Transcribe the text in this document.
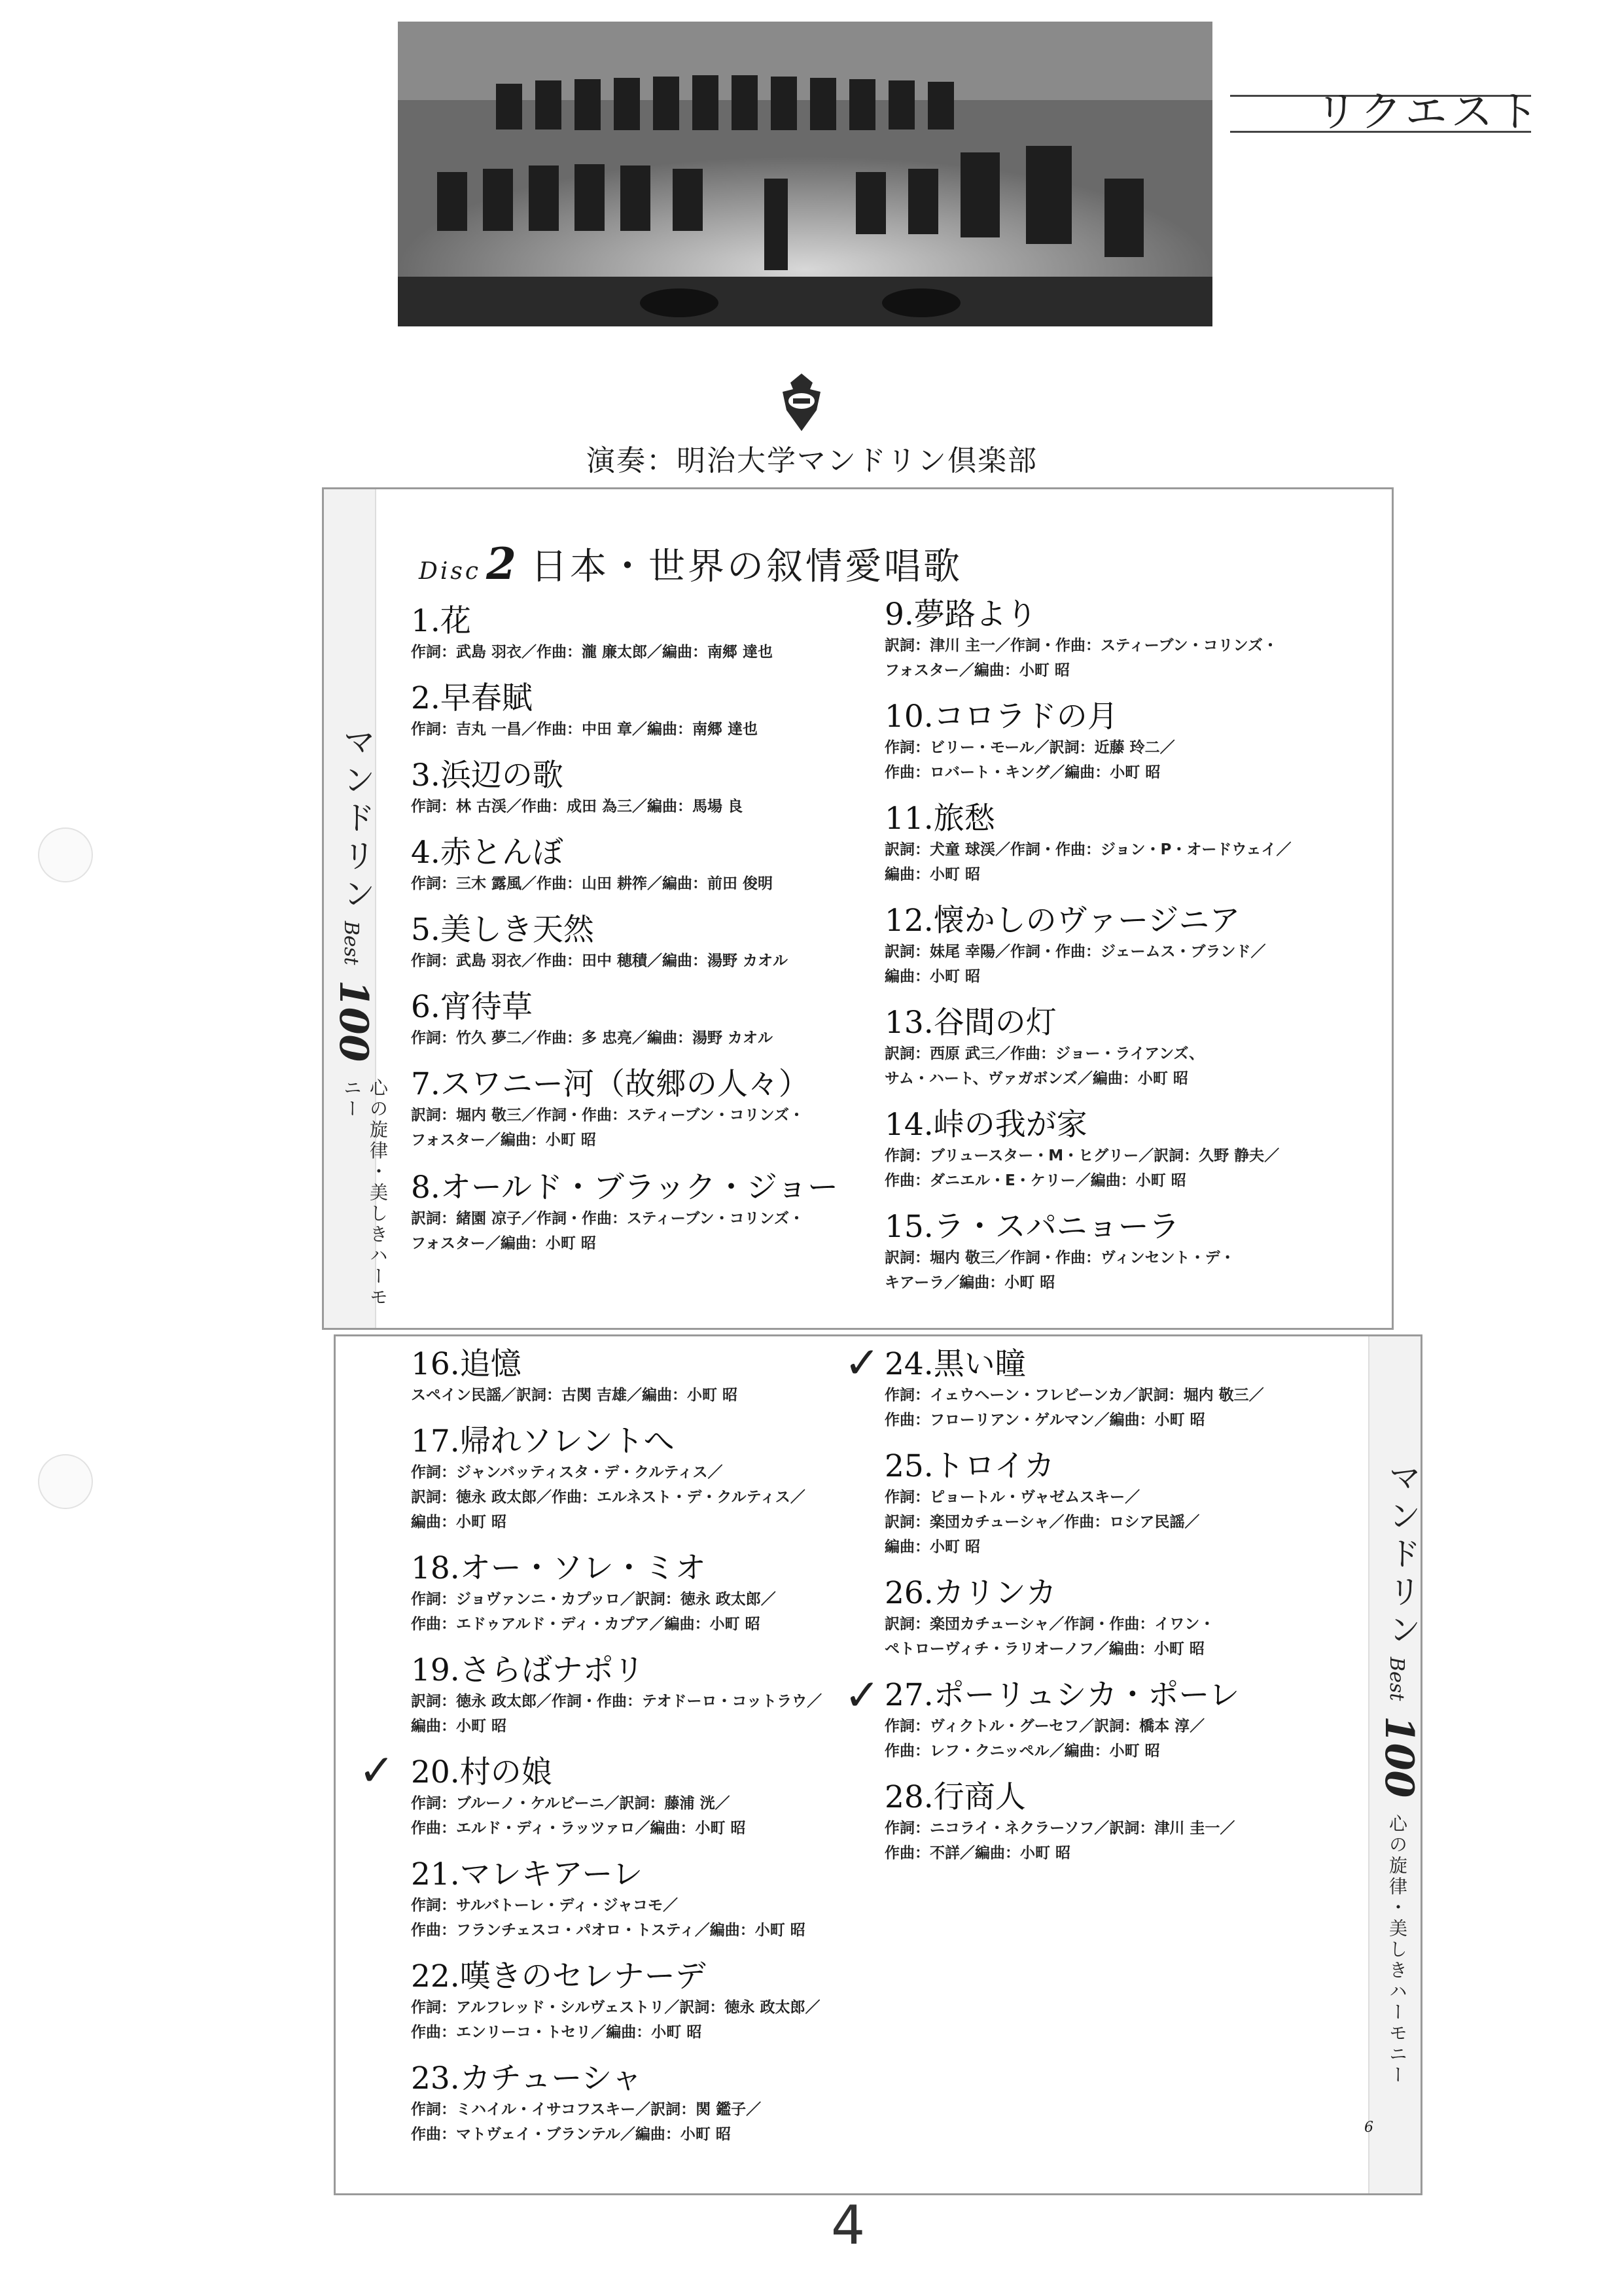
リクエスト
演奏：明治大学マンドリン倶楽部
マンドリン
Best
100
心の旋律・美しきハーモニー
Disc 2 日本・世界の叙情愛唱歌
1.花
作詞：武島 羽衣／作曲：瀧 廉太郎／編曲：南郷 達也
2.早春賦
作詞：吉丸 一昌／作曲：中田 章／編曲：南郷 達也
3.浜辺の歌
作詞：林 古渓／作曲：成田 為三／編曲：馬場 良
4.赤とんぼ
作詞：三木 露風／作曲：山田 耕筰／編曲：前田 俊明
5.美しき天然
作詞：武島 羽衣／作曲：田中 穂積／編曲：湯野 カオル
6.宵待草
作詞：竹久 夢二／作曲：多 忠亮／編曲：湯野 カオル
7.スワニー河（故郷の人々）
訳詞：堀内 敬三／作詞・作曲：スティーブン・コリンズ・
フォスター／編曲：小町 昭
8.オールド・ブラック・ジョー
訳詞：緒園 凉子／作詞・作曲：スティーブン・コリンズ・
フォスター／編曲：小町 昭
9.夢路より
訳詞：津川 主一／作詞・作曲：スティーブン・コリンズ・
フォスター／編曲：小町 昭
10.コロラドの月
作詞：ビリー・モール／訳詞：近藤 玲二／
作曲：ロバート・キング／編曲：小町 昭
11.旅愁
訳詞：犬童 球渓／作詞・作曲：ジョン・P・オードウェイ／
編曲：小町 昭
12.懐かしのヴァージニア
訳詞：妹尾 幸陽／作詞・作曲：ジェームス・ブランド／
編曲：小町 昭
13.谷間の灯
訳詞：西原 武三／作曲：ジョー・ライアンズ、
サム・ハート、ヴァガボンズ／編曲：小町 昭
14.峠の我が家
作詞：ブリュースター・M・ヒグリー／訳詞：久野 静夫／
作曲：ダニエル・E・ケリー／編曲：小町 昭
15.ラ・スパニョーラ
訳詞：堀内 敬三／作詞・作曲：ヴィンセント・デ・
キアーラ／編曲：小町 昭
マンドリン
Best
100
心の旋律・美しきハーモニー
16.追憶
スペイン民謡／訳詞：古関 吉雄／編曲：小町 昭
17.帰れソレントへ
作詞：ジャンバッティスタ・デ・クルティス／
訳詞：徳永 政太郎／作曲：エルネスト・デ・クルティス／
編曲：小町 昭
18.オー・ソレ・ミオ
作詞：ジョヴァンニ・カプッロ／訳詞：徳永 政太郎／
作曲：エドゥアルド・ディ・カプア／編曲：小町 昭
19.さらばナポリ
訳詞：徳永 政太郎／作詞・作曲：テオドーロ・コットラウ／
編曲：小町 昭
20.村の娘
作詞：ブルーノ・ケルビーニ／訳詞：藤浦 洸／
作曲：エルド・ディ・ラッツァロ／編曲：小町 昭
21.マレキアーレ
作詞：サルバトーレ・ディ・ジャコモ／
作曲：フランチェスコ・パオロ・トスティ／編曲：小町 昭
22.嘆きのセレナーデ
作詞：アルフレッド・シルヴェストリ／訳詞：徳永 政太郎／
作曲：エンリーコ・トセリ／編曲：小町 昭
23.カチューシャ
作詞：ミハイル・イサコフスキー／訳詞：関 鑑子／
作曲：マトヴェイ・ブランテル／編曲：小町 昭
24.黒い瞳
作詞：イェウヘーン・フレビーンカ／訳詞：堀内 敬三／
作曲：フローリアン・ゲルマン／編曲：小町 昭
25.トロイカ
作詞：ピョートル・ヴャゼムスキー／
訳詞：楽団カチューシャ／作曲：ロシア民謡／
編曲：小町 昭
26.カリンカ
訳詞：楽団カチューシャ／作詞・作曲：イワン・
ペトローヴィチ・ラリオーノフ／編曲：小町 昭
27.ポーリュシカ・ポーレ
作詞：ヴィクトル・グーセフ／訳詞：橋本 淳／
作曲：レフ・クニッペル／編曲：小町 昭
28.行商人
作詞：ニコライ・ネクラーソフ／訳詞：津川 圭一／
作曲：不詳／編曲：小町 昭
✓
✓
✓
6
4
